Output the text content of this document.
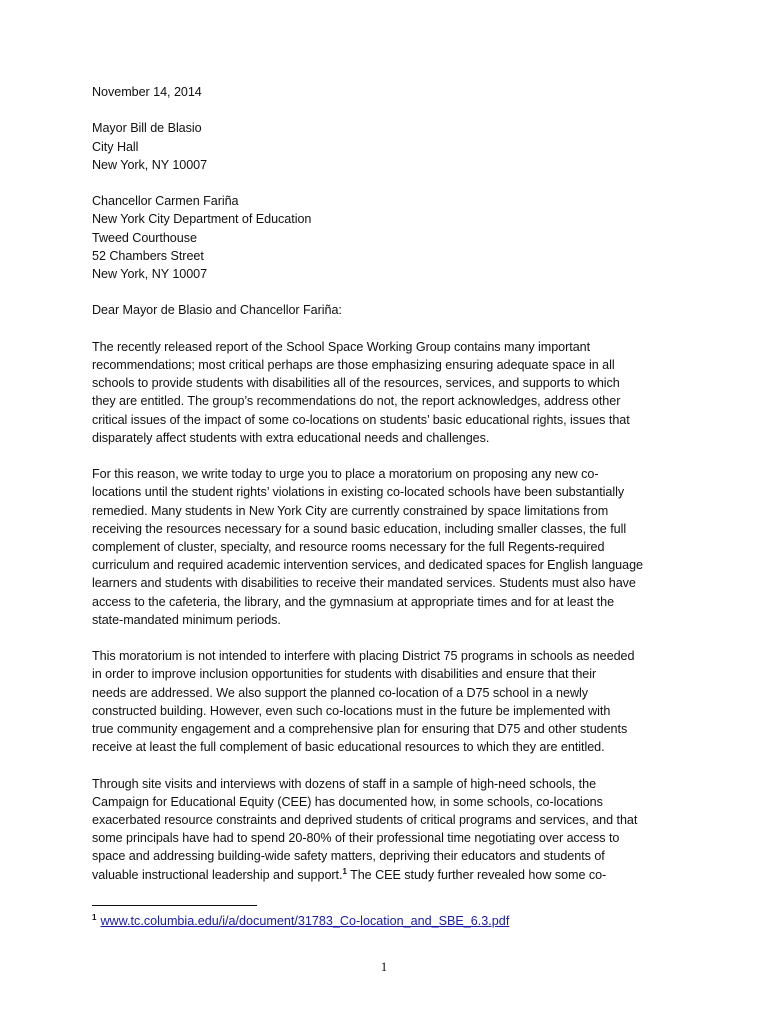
November 14, 2014
Mayor Bill de Blasio
City Hall
New York, NY 10007
Chancellor Carmen Fariña
New York City Department of Education
Tweed Courthouse
52 Chambers Street
New York, NY 10007
Dear Mayor de Blasio and Chancellor Fariña:
The recently released report of the School Space Working Group contains many important
recommendations; most critical perhaps are those emphasizing ensuring adequate space in all
schools to provide students with disabilities all of the resources, services, and supports to which
they are entitled. The group’s recommendations do not, the report acknowledges, address other
critical issues of the impact of some co-locations on students’ basic educational rights, issues that
disparately affect students with extra educational needs and challenges.
For this reason, we write today to urge you to place a moratorium on proposing any new co-
locations until the student rights’ violations in existing co-located schools have been substantially
remedied. Many students in New York City are currently constrained by space limitations from
receiving the resources necessary for a sound basic education, including smaller classes, the full
complement of cluster, specialty, and resource rooms necessary for the full Regents-required
curriculum and required academic intervention services, and dedicated spaces for English language
learners and students with disabilities to receive their mandated services. Students must also have
access to the cafeteria, the library, and the gymnasium at appropriate times and for at least the
state-mandated minimum periods.
This moratorium is not intended to interfere with placing District 75 programs in schools as needed
in order to improve inclusion opportunities for students with disabilities and ensure that their
needs are addressed. We also support the planned co-location of a D75 school in a newly
constructed building. However, even such co-locations must in the future be implemented with
true community engagement and a comprehensive plan for ensuring that D75 and other students
receive at least the full complement of basic educational resources to which they are entitled.
Through site visits and interviews with dozens of staff in a sample of high-need schools, the
Campaign for Educational Equity (CEE) has documented how, in some schools, co-locations
exacerbated resource constraints and deprived students of critical programs and services, and that
some principals have had to spend 20-80% of their professional time negotiating over access to
space and addressing building-wide safety matters, depriving their educators and students of
valuable instructional leadership and support.$^1$ The CEE study further revealed how some co-
$^1$ www.tc.columbia.edu/i/a/document/31783_Co-location_and_SBE_6.3.pdf
1
